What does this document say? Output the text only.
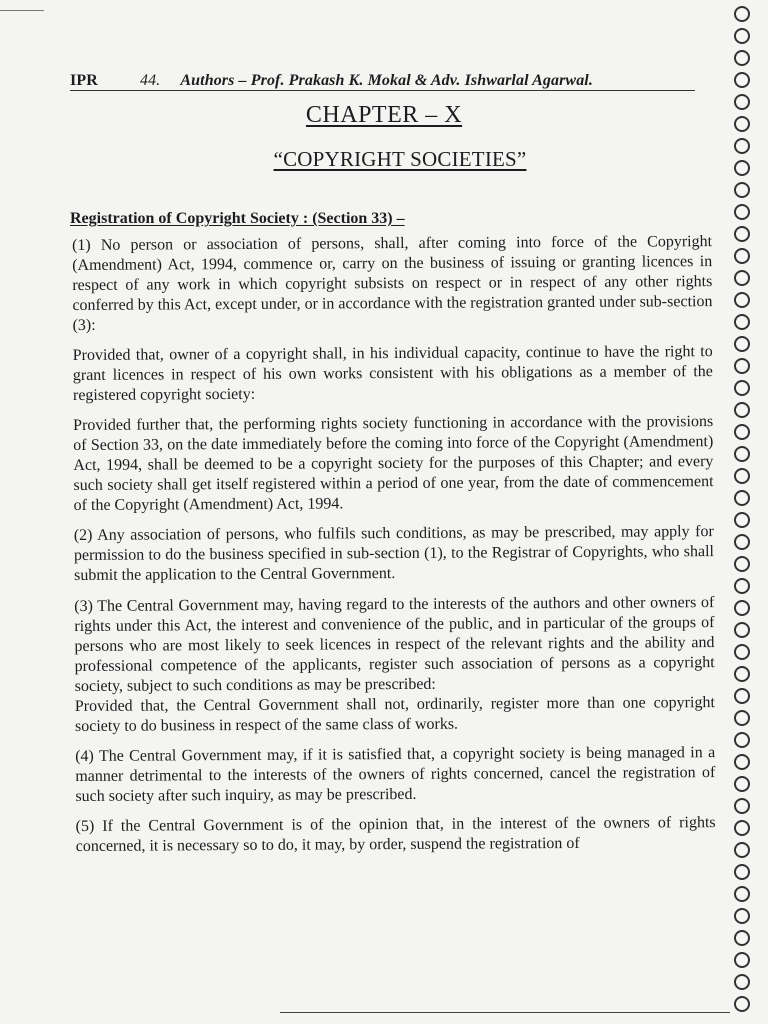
IPR	44. Authors – Prof. Prakash K. Mokal & Adv. Ishwarlal Agarwal.
CHAPTER – X
“COPYRIGHT SOCIETIES”
Registration of Copyright Society : (Section 33) –

(1) No person or association of persons, shall, after coming into force of the Copyright (Amendment) Act, 1994, commence or, carry on the business of issuing or granting licences in respect of any work in which copyright subsists on respect or in respect of any other rights conferred by this Act, except under, or in accordance with the registration granted under sub-section (3):

Provided that, owner of a copyright shall, in his individual capacity, continue to have the right to grant licences in respect of his own works consistent with his obligations as a member of the registered copyright society:

Provided further that, the performing rights society functioning in accordance with the provisions of Section 33, on the date immediately before the coming into force of the Copyright (Amendment) Act, 1994, shall be deemed to be a copyright society for the purposes of this Chapter; and every such society shall get itself registered within a period of one year, from the date of commencement of the Copyright (Amendment) Act, 1994.

(2) Any association of persons, who fulfils such conditions, as may be prescribed, may apply for permission to do the business specified in sub-section (1), to the Registrar of Copyrights, who shall submit the application to the Central Government.

(3) The Central Government may, having regard to the interests of the authors and other owners of rights under this Act, the interest and convenience of the public, and in particular of the groups of persons who are most likely to seek licences in respect of the relevant rights and the ability and professional competence of the applicants, register such association of persons as a copyright society, subject to such conditions as may be prescribed:

Provided that, the Central Government shall not, ordinarily, register more than one copyright society to do business in respect of the same class of works.

(4) The Central Government may, if it is satisfied that, a copyright society is being managed in a manner detrimental to the interests of the owners of rights concerned, cancel the registration of such society after such inquiry, as may be prescribed.

(5) If the Central Government is of the opinion that, in the interest of the owners of rights concerned, it is necessary so to do, it may, by order, suspend the registration of
